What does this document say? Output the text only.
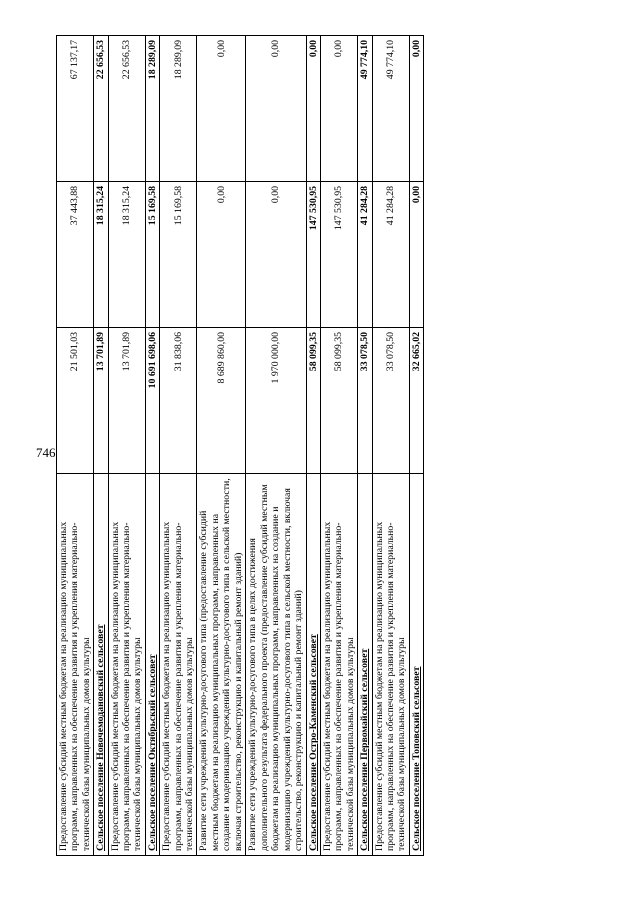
746
Предоставление субсидий местным бюджетам на реализацию муниципальных программ, направленных на обеспечение развития и укрепления материально-технической базы муниципальных домов культуры	21 501,03	37 443,88	67 137,17
Сельское поселение Новочемодановский сельсовет	13 701,89	18 315,24	22 656,53
Предоставление субсидий местным бюджетам на реализацию муниципальных программ, направленных на обеспечение развития и укрепления материально-технической базы муниципальных домов культуры	13 701,89	18 315,24	22 656,53
Сельское поселение Октябрьский сельсовет	10 691 698,06	15 169,58	18 289,09
Предоставление субсидий местным бюджетам на реализацию муниципальных программ, направленных на обеспечение развития и укрепления материально-технической базы муниципальных домов культуры	31 838,06	15 169,58	18 289,09
Развитие сети учреждений культурно-досугового типа (предоставление субсидий местным бюджетам на реализацию муниципальных программ, направленных на создание и модернизацию учреждений культурно-досугового типа в сельской местности, включая строительство, реконструкцию и капитальный ремонт зданий)	8 689 860,00	0,00	0,00
Развитие сети учреждений культурно-досугового типа в целях достижения дополнительного результата федерального проекта (предоставление субсидий местным бюджетам на реализацию муниципальных программ, направленных на создание и модернизацию учреждений культурно-досугового типа в сельской местности, включая строительство, реконструкцию и капитальный ремонт зданий)	1 970 000,00	0,00	0,00
Сельское поселение Остро-Каменский сельсовет	58 099,35	147 530,95	0,00
Предоставление субсидий местным бюджетам на реализацию муниципальных программ, направленных на обеспечение развития и укрепления материально-технической базы муниципальных домов культуры	58 099,35	147 530,95	0,00
Сельское поселение Первомайский сельсовет	33 078,50	41 284,28	49 774,10
Предоставление субсидий местным бюджетам на реализацию муниципальных программ, направленных на обеспечение развития и укрепления материально-технической базы муниципальных домов культуры	33 078,50	41 284,28	49 774,10
Сельское поселение Топовский сельсовет	32 665,02	0,00	0,00
